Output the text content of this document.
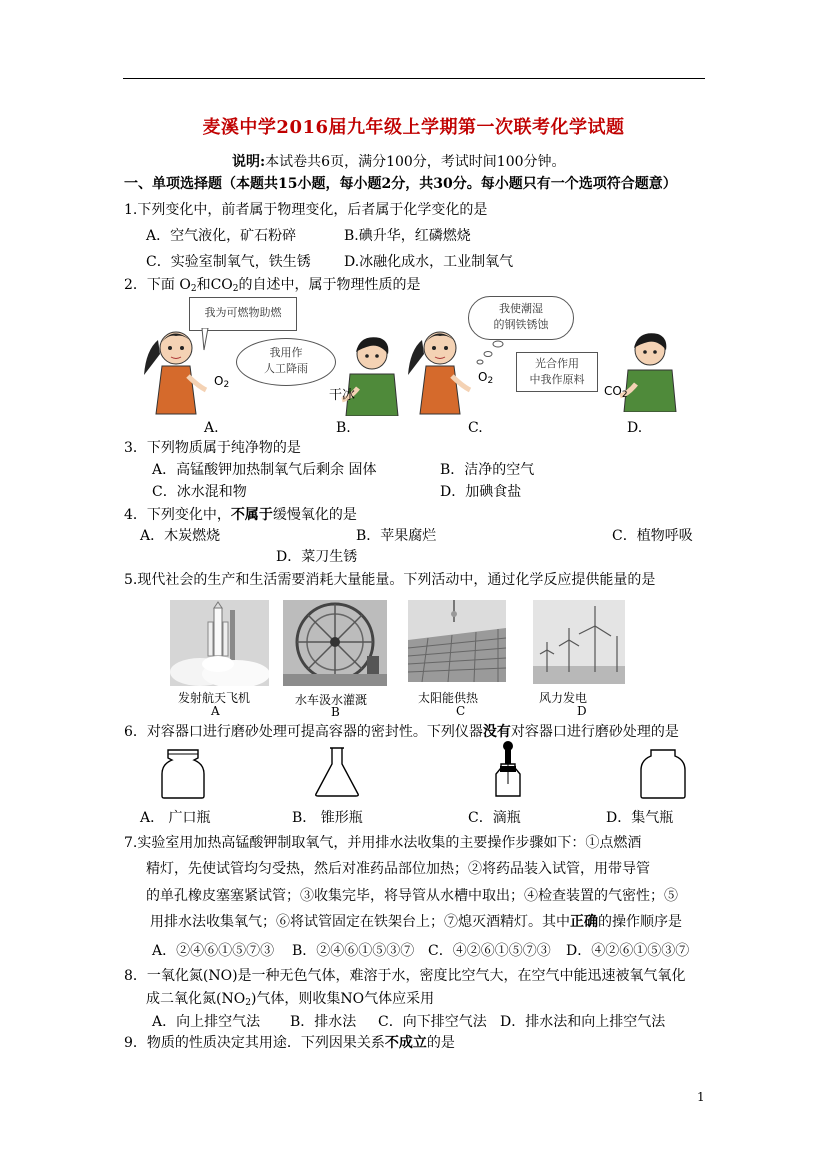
麦溪中学2016届九年级上学期第一次联考化学试题
说明:本试卷共6页，满分100分，考试时间100分钟。
一、单项选择题（本题共15小题，每小题2分，共30分。每小题只有一个选项符合题意）
1.下列变化中，前者属于物理变化，后者属于化学变化的是
A．空气液化，矿石粉碎	B.碘升华，红磷燃烧
C．实验室制氧气，铁生锈 D.冰融化成水，工业制氧气
2．下面 $O_2$和$CO_2$的自述中，属于物理性质的是
我为可燃物助燃
我用作
人工降雨
我使潮湿
的钢铁锈蚀
光合作用
中我作原料
$O_2$
干冰
$O_2$
$CO_2$
A.	B.	C.	D.
3．下列物质属于纯净物的是
A．高锰酸钾加热制氧气后剩余 固体	B．洁净的空气
C．冰水混和物	D．加碘食盐
4．下列变化中，不属于缓慢氧化的是
A．木炭燃烧	B．苹果腐烂	C．植物呼吸
D．菜刀生锈
5.现代社会的生产和生活需要消耗大量能量。下列活动中，通过化学反应提供能量的是
发射航天飞机	水车汲水灌溉	太阳能供热	风力发电
A	B	C	D
6．对容器口进行磨砂处理可提高容器的密封性。下列仪器没有对容器口进行磨砂处理的是
A． 广口瓶	B． 锥形瓶	C．滴瓶	D．集气瓶
7.实验室用加热高锰酸钾制取氧气，并用排水法收集的主要操作步骤如下：①点燃酒
精灯，先使试管均匀受热，然后对准药品部位加热；②将药品装入试管，用带导管
的单孔橡皮塞塞紧试管；③收集完毕，将导管从水槽中取出；④检查装置的气密性；⑤
用排水法收集氧气；⑥将试管固定在铁架台上；⑦熄灭酒精灯。其中正确的操作顺序是
A．②④⑥①⑤⑦③ B．②④⑥①⑤③⑦ C．④②⑥①⑤⑦③ D．④②⑥①⑤③⑦
8．一氧化氮(NO)是一种无色气体，难溶于水，密度比空气大，在空气中能迅速被氧气氧化
成二氧化氮$(NO_2)$气体，则收集NO气体应采用
A．向上排空气法 B．排水法 C．向下排空气法 D．排水法和向上排空气法
9．物质的性质决定其用途．下列因果关系不成立的是
1
